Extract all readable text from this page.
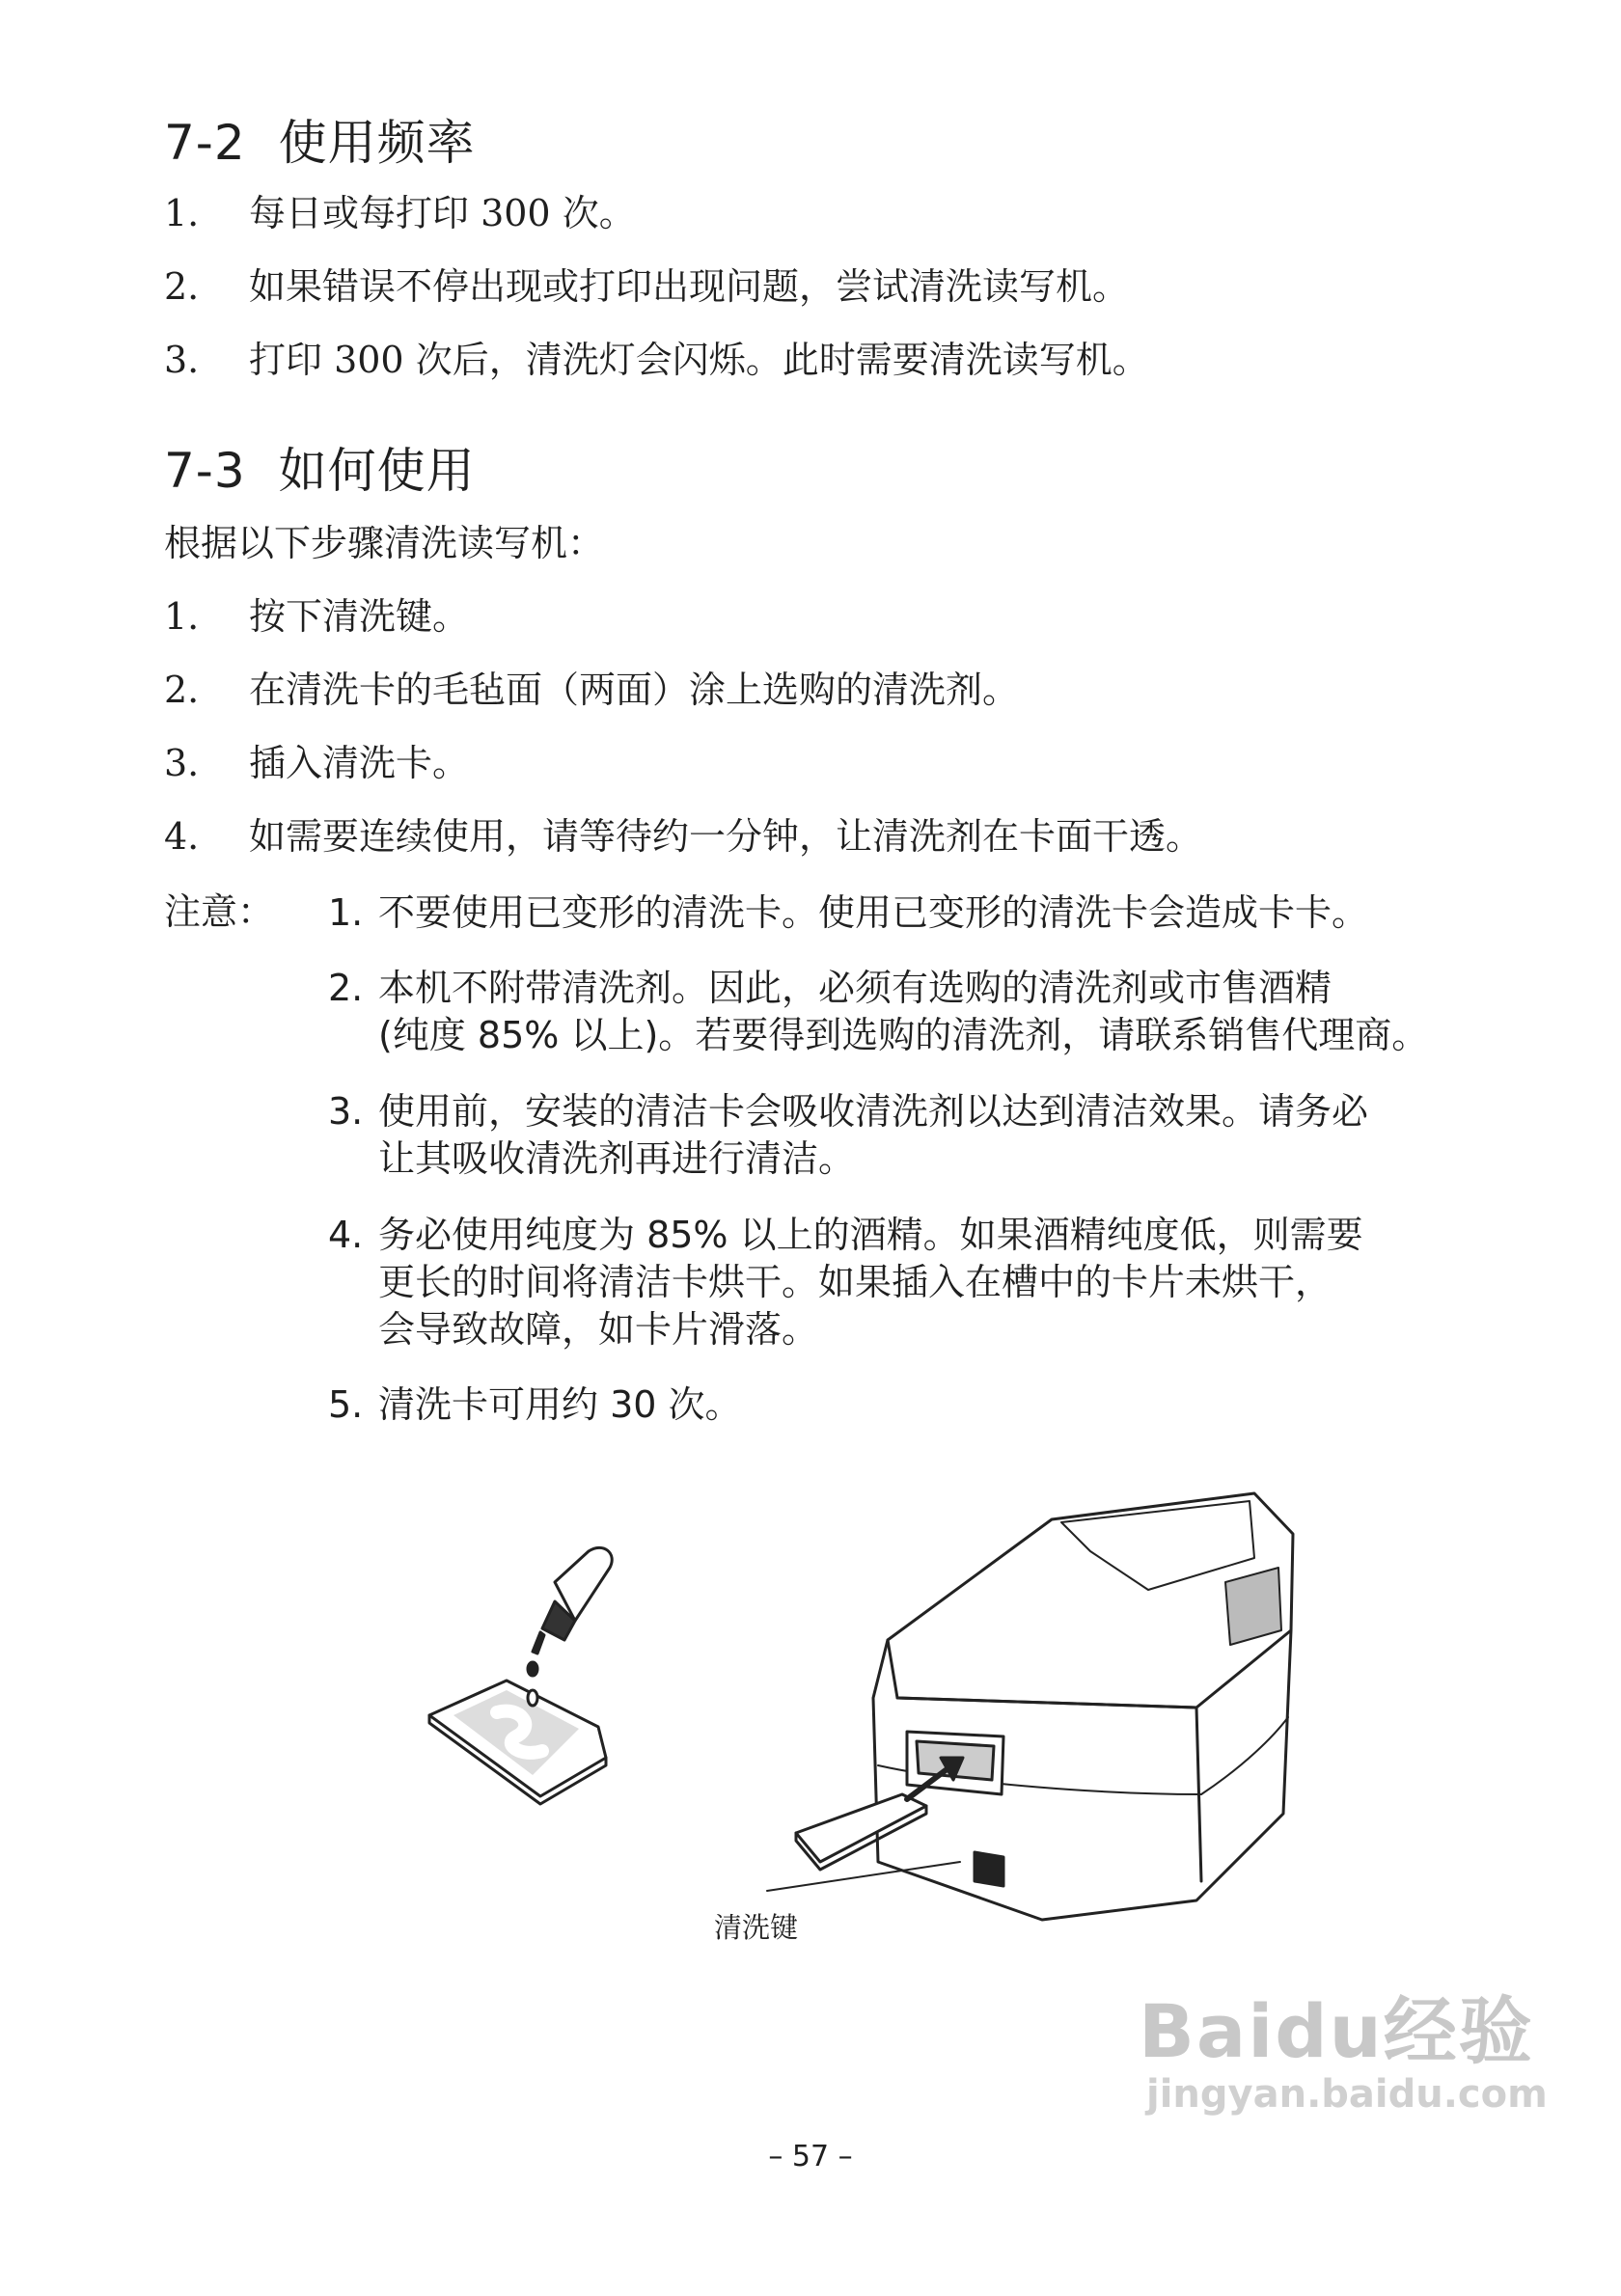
7-2 使用频率
1. 每日或每打印 300 次。
2. 如果错误不停出现或打印出现问题，尝试清洗读写机。
3. 打印 300 次后，清洗灯会闪烁。此时需要清洗读写机。
7-3 如何使用
根据以下步骤清洗读写机：
1. 按下清洗键。
2. 在清洗卡的毛毡面（两面）涂上选购的清洗剂。
3. 插入清洗卡。
4. 如需要连续使用，请等待约一分钟，让清洗剂在卡面干透。
注意： 1. 不要使用已变形的清洗卡。使用已变形的清洗卡会造成卡卡。
2. 本机不附带清洗剂。因此，必须有选购的清洗剂或市售酒精
(纯度 85% 以上)。若要得到选购的清洗剂，请联系销售代理商。
3. 使用前，安装的清洁卡会吸收清洗剂以达到清洁效果。请务必
让其吸收清洗剂再进行清洁。
4. 务必使用纯度为 85% 以上的酒精。如果酒精纯度低，则需要
更长的时间将清洁卡烘干。如果插入在槽中的卡片未烘干，
会导致故障，如卡片滑落。
5. 清洗卡可用约 30 次。
清洗键
– 57 –
Baidu经验
jingyan.baidu.com
